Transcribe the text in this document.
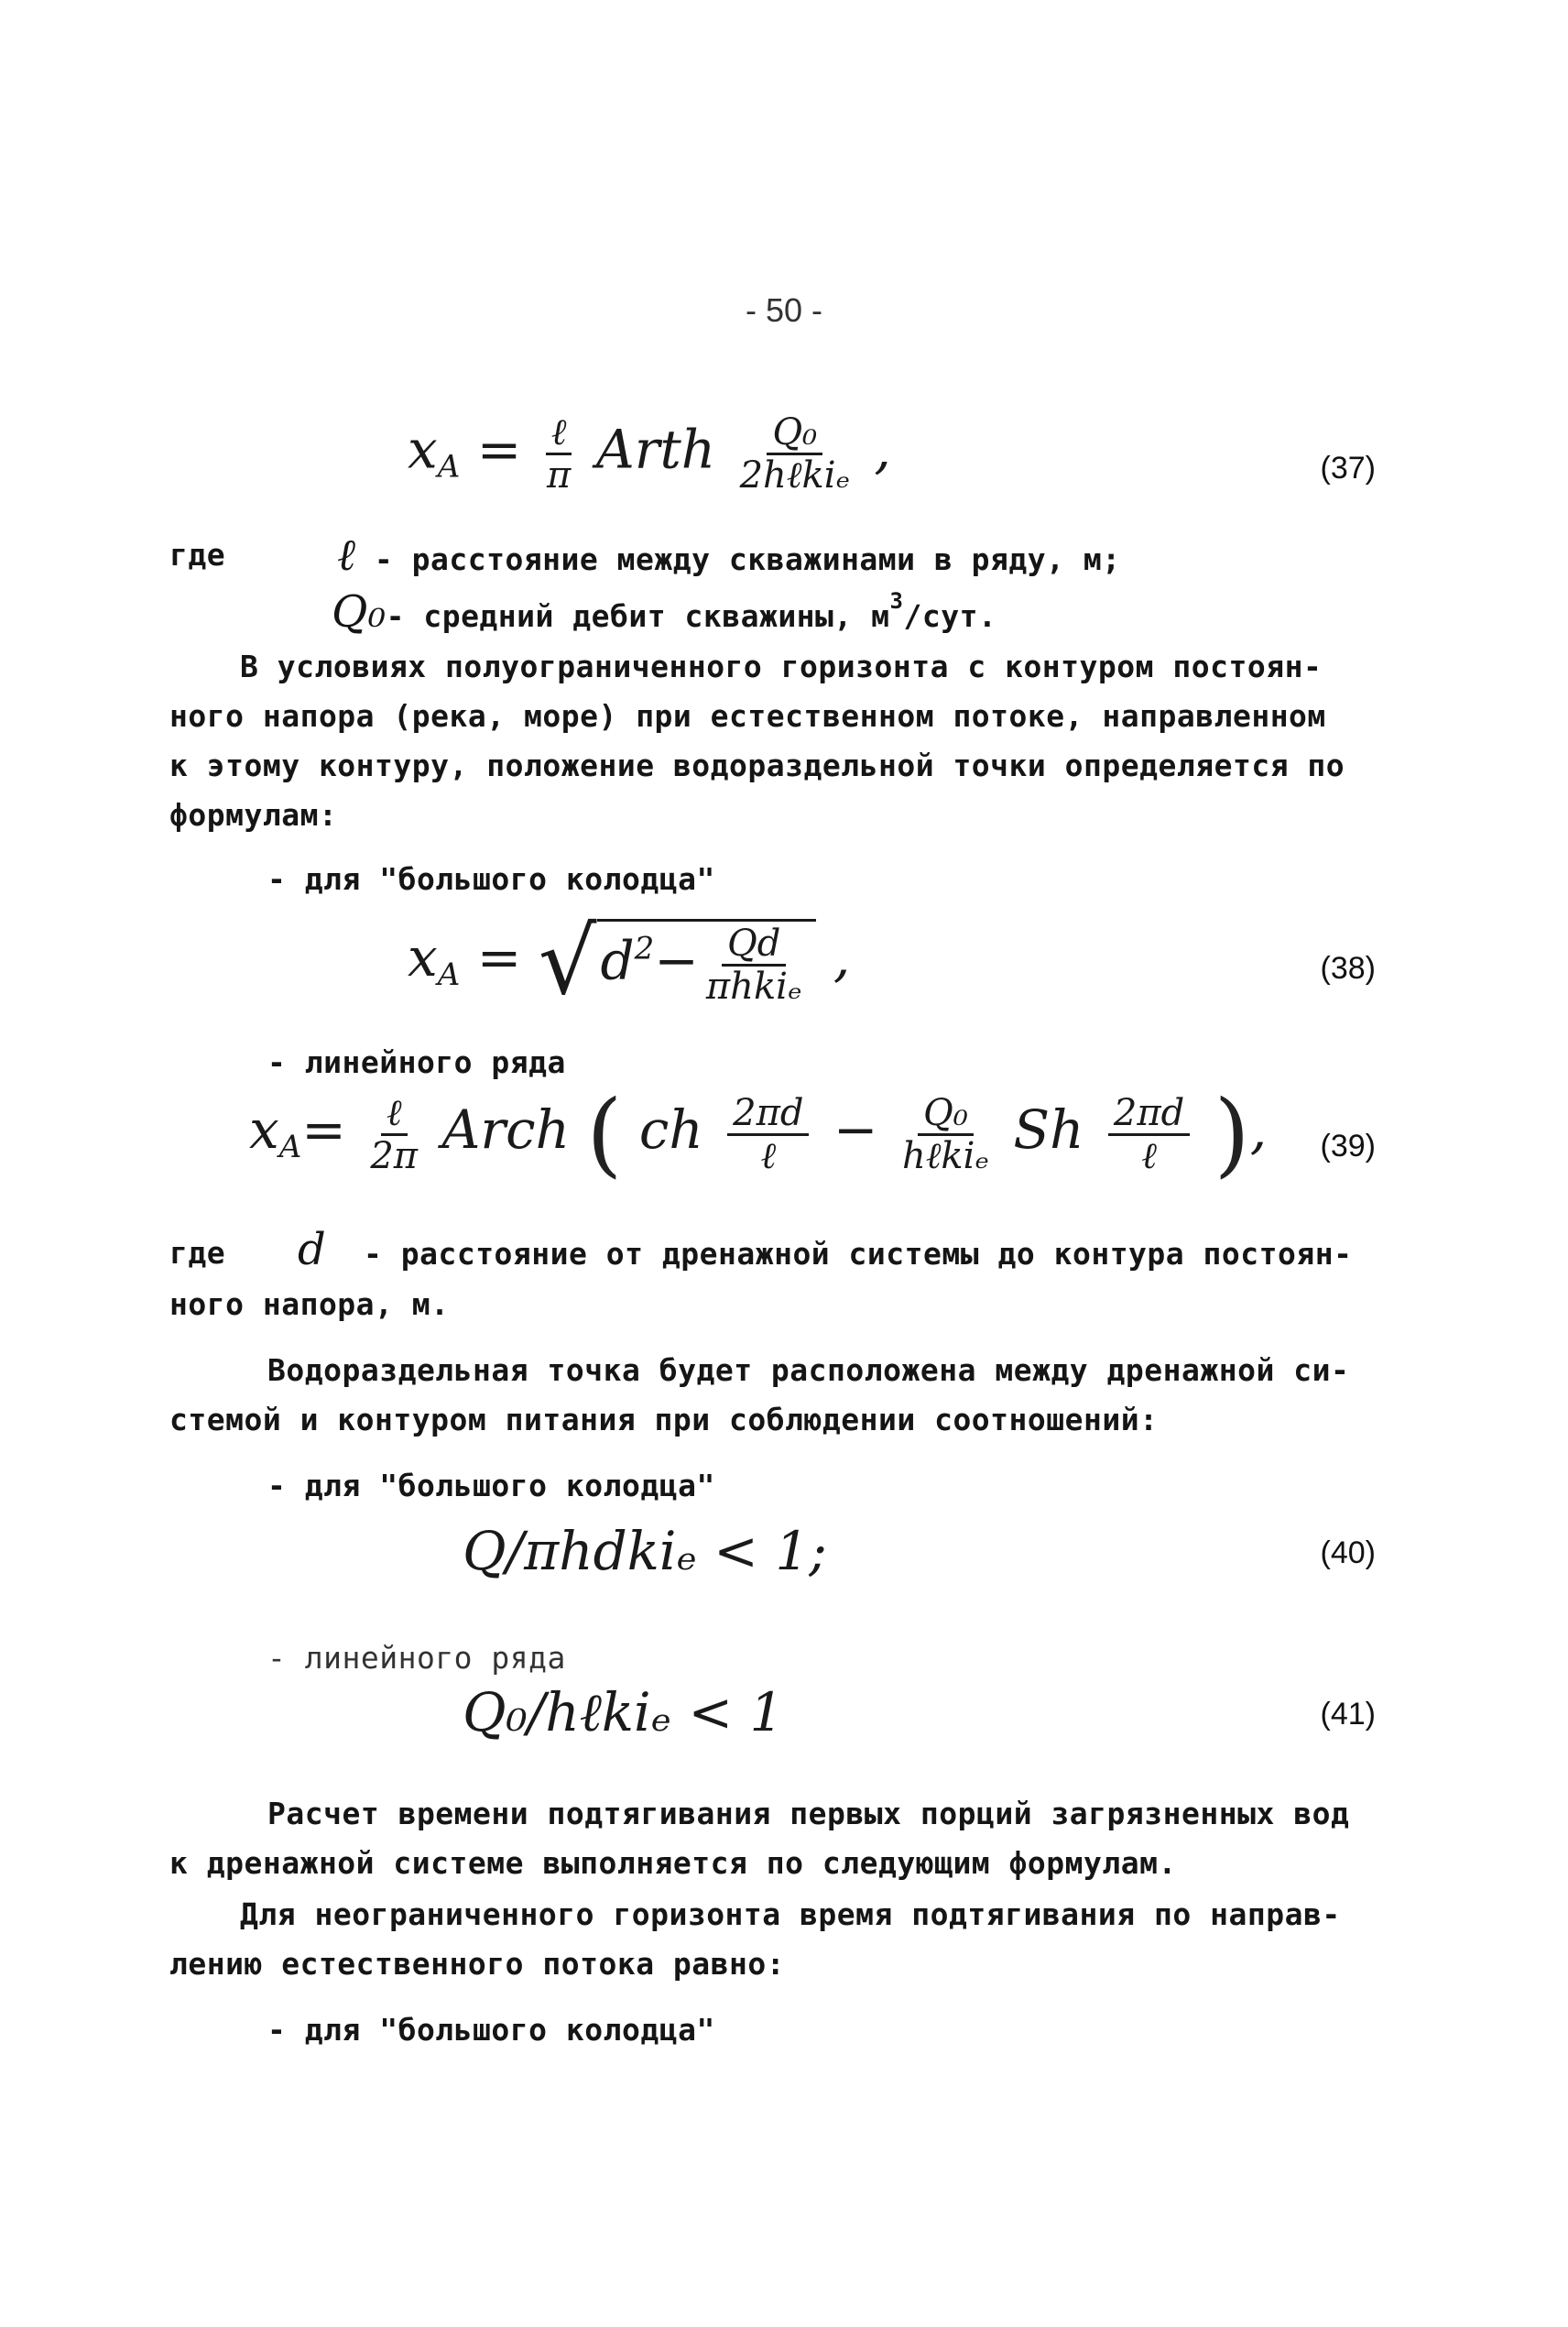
- 50 -
$x_A$ = ℓ
π Arth Q₀
2hℓkiₑ ,	(37)
где	ℓ - расстояние между скважинами в ряду, м;
Q₀- средний дебит скважины, $м^3$/сут.
В условиях полуограниченного горизонта с контуром постоян-
ного напора (река, море) при естественном потоке, направленном
к этому контуру, положение водораздельной точки определяется по
формулам:
- для "большого колодца"
$x_A = √d^2- Qd$
πhkiₑ ,	(38)
- линейного ряда
$x_A=$ ℓ
2π Arch ( ch 2πd
ℓ − Q₀
hℓkiₑ Sh 2πd
ℓ ), (39)
где d - расстояние от дренажной системы до контура постоян-
ного напора, м.
Водораздельная точка будет расположена между дренажной си-
стемой и контуром питания при соблюдении соотношений:
- для "большого колодца"
Q/πhdkiₑ < 1;	(40)
- линейного ряда
Q₀/hℓkiₑ < 1	(41)
Расчет времени подтягивания первых порций загрязненных вод
к дренажной системе выполняется по следующим формулам.
Для неограниченного горизонта время подтягивания по направ-
лению естественного потока равно:
- для "большого колодца"
